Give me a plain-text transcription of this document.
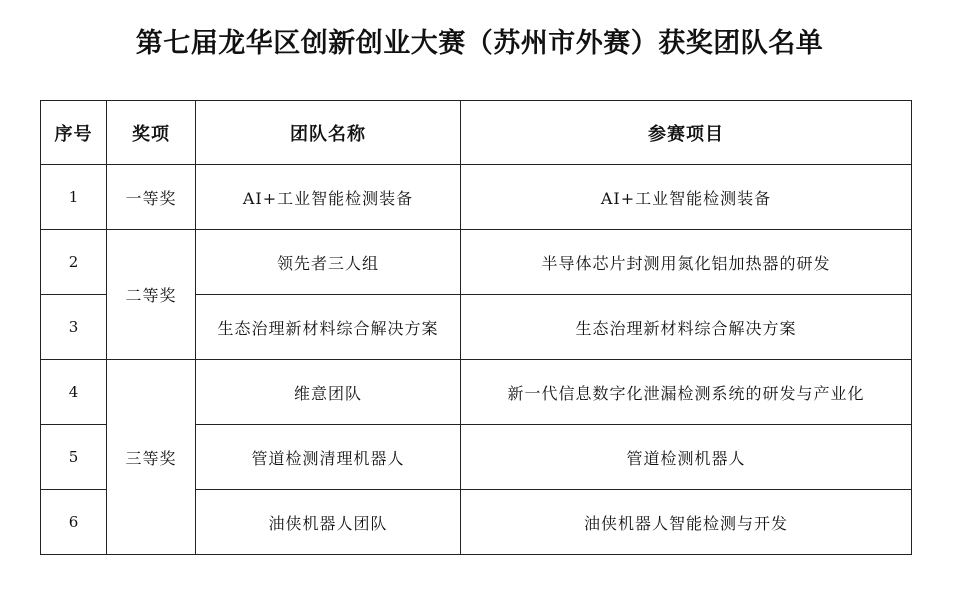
第七届龙华区创新创业大赛（苏州市外赛）获奖团队名单
序号	奖项	团队名称	参赛项目
1	一等奖	AI+工业智能检测装备	AI+工业智能检测装备
2	二等奖	领先者三人组	半导体芯片封测用氮化铝加热器的研发
3		生态治理新材料综合解决方案	生态治理新材料综合解决方案
4	三等奖	维意团队	新一代信息数字化泄漏检测系统的研发与产业化
5		管道检测清理机器人	管道检测机器人
6		油侠机器人团队	油侠机器人智能检测与开发
